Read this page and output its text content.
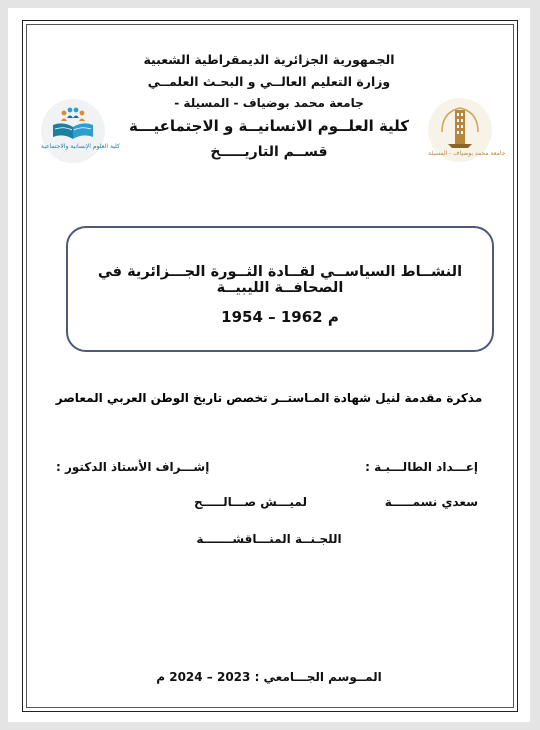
الجمهورية الجزائرية الديمقراطية الشعبية
وزارة التعليم العالــي و البحـث العلمــي
جامعة محمد بوضياف - المسيلة -
كلية العلــوم الانسانيــة و الاجتماعيـــة
قســم التاريـــــخ
كلية العلوم الإنسانية والاجتماعية
جامعة محمد بوضياف - المسيلة
النشــاط السياســي لقــادة الثــورة الجـــزائرية في الصحافــة الليبيــة
1954 – 1962 م
مذكرة مقدمة لنيل شهادة المـاستــر تخصص تاريخ الوطن العربي المعاصر
إعـــداد الطالـــبـة :
إشـــراف الأستاذ الدكتور :
سعدي نسمـــــة
لميـــش صـــالـــــح
اللجـنــة المنـــاقشـــــــة
المــوسم الجـــامعي : 2023 – 2024 م
